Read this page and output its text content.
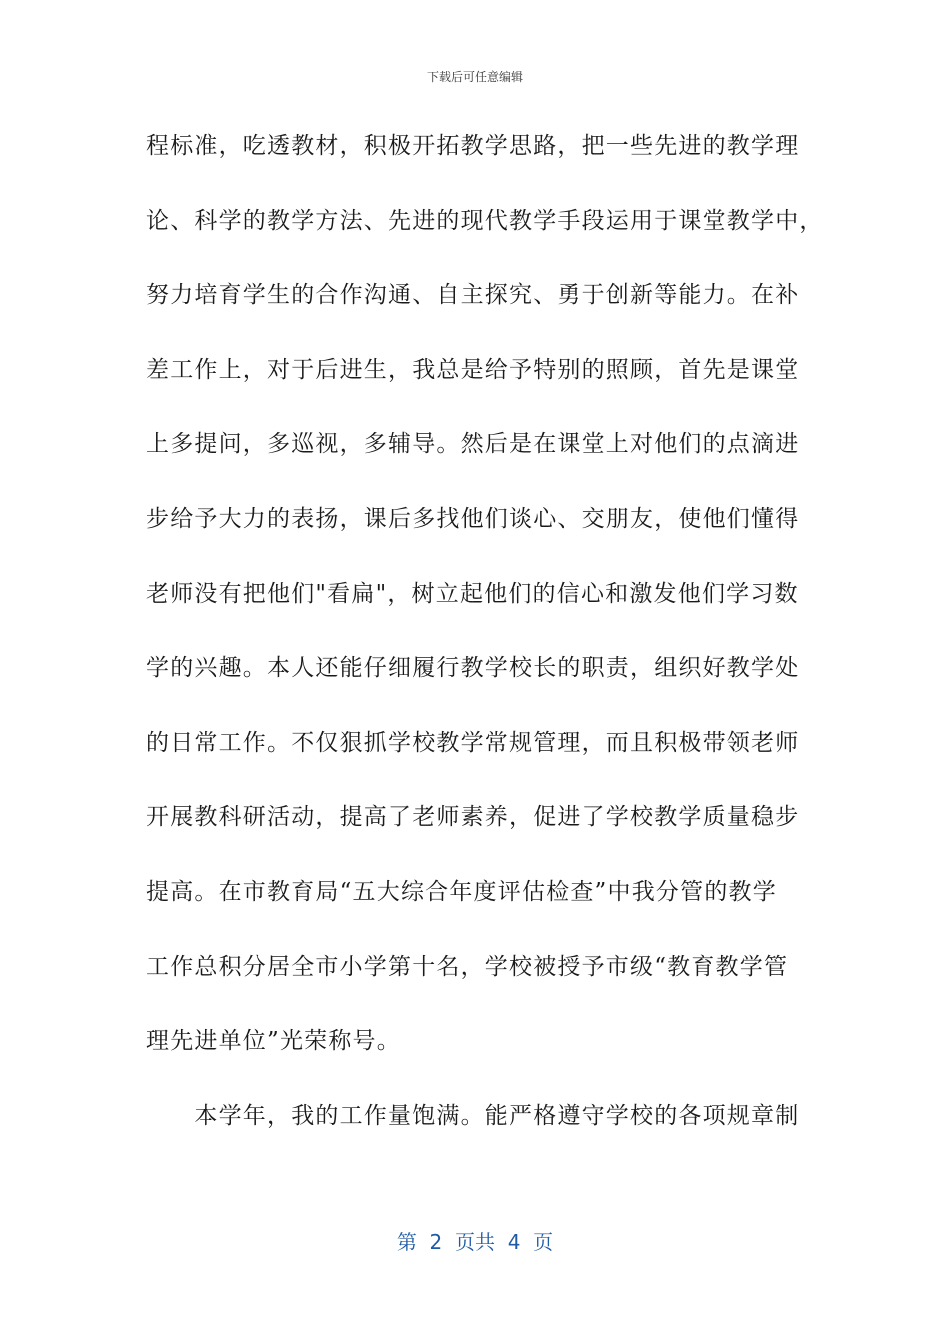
下载后可任意编辑
程标准，吃透教材，积极开拓教学思路，把一些先进的教学理
论、科学的教学方法、先进的现代教学手段运用于课堂教学中，
努力培育学生的合作沟通、自主探究、勇于创新等能力。在补
差工作上，对于后进生，我总是给予特别的照顾，首先是课堂
上多提问，多巡视，多辅导。然后是在课堂上对他们的点滴进
步给予大力的表扬，课后多找他们谈心、交朋友，使他们懂得
老师没有把他们"看扁"，树立起他们的信心和激发他们学习数
学的兴趣。本人还能仔细履行教学校长的职责，组织好教学处
的日常工作。不仅狠抓学校教学常规管理，而且积极带领老师
开展教科研活动，提高了老师素养，促进了学校教学质量稳步
提高。在市教育局“五大综合年度评估检查”中我分管的教学
工作总积分居全市小学第十名，学校被授予市级“教育教学管
理先进单位”光荣称号。
　　本学年，我的工作量饱满。能严格遵守学校的各项规章制
第  2  页共  4  页
